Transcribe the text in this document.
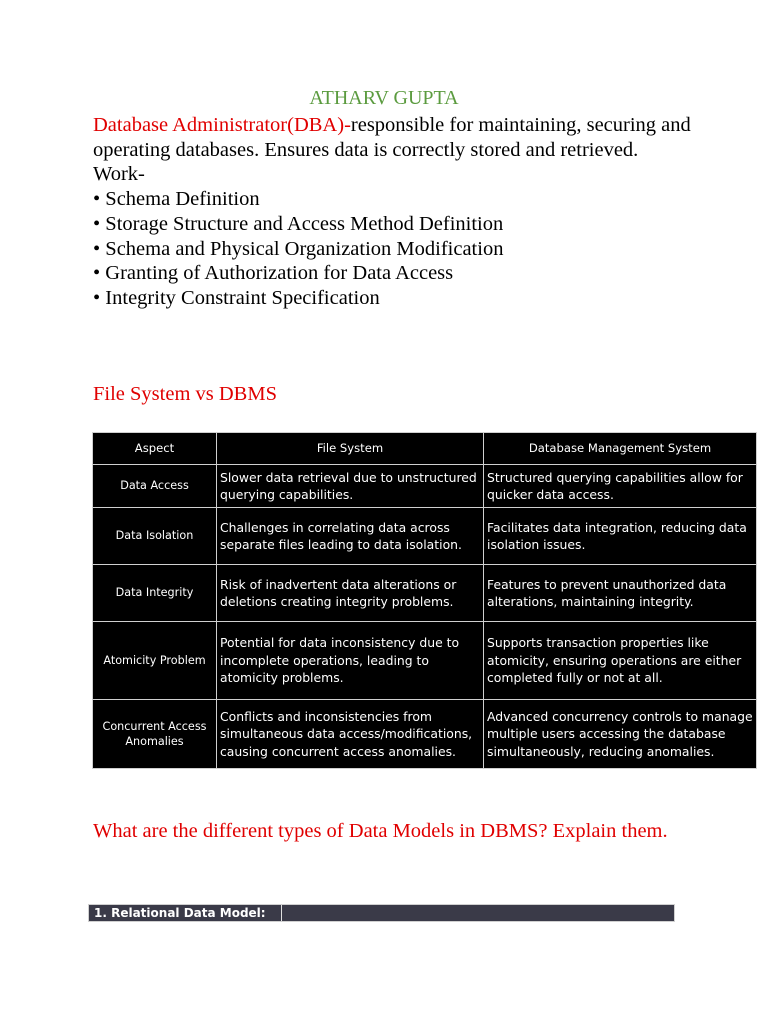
ATHARV GUPTA

Database Administrator(DBA)-responsible for maintaining, securing and operating databases. Ensures data is correctly stored and retrieved.

Work-

• Schema Definition

• Storage Structure and Access Method Definition

• Schema and Physical Organization Modification

• Granting of Authorization for Data Access

• Integrity Constraint Specification

File System vs DBMS
Aspect	File System	Database Management System
Data Access	Slower data retrieval due to unstructured querying capabilities.	Structured querying capabilities allow for quicker data access.
Data Isolation	Challenges in correlating data across separate files leading to data isolation.	Facilitates data integration, reducing data isolation issues.
Data Integrity	Risk of inadvertent data alterations or deletions creating integrity problems.	Features to prevent unauthorized data alterations, maintaining integrity.
Atomicity Problem	Potential for data inconsistency due to incomplete operations, leading to atomicity problems.	Supports transaction properties like atomicity, ensuring operations are either completed fully or not at all.
Concurrent Access Anomalies	Conflicts and inconsistencies from simultaneous data access/modifications, causing concurrent access anomalies.	Advanced concurrency controls to manage multiple users accessing the database simultaneously, reducing anomalies.
What are the different types of Data Models in DBMS? Explain them.
1. Relational Data Model:
